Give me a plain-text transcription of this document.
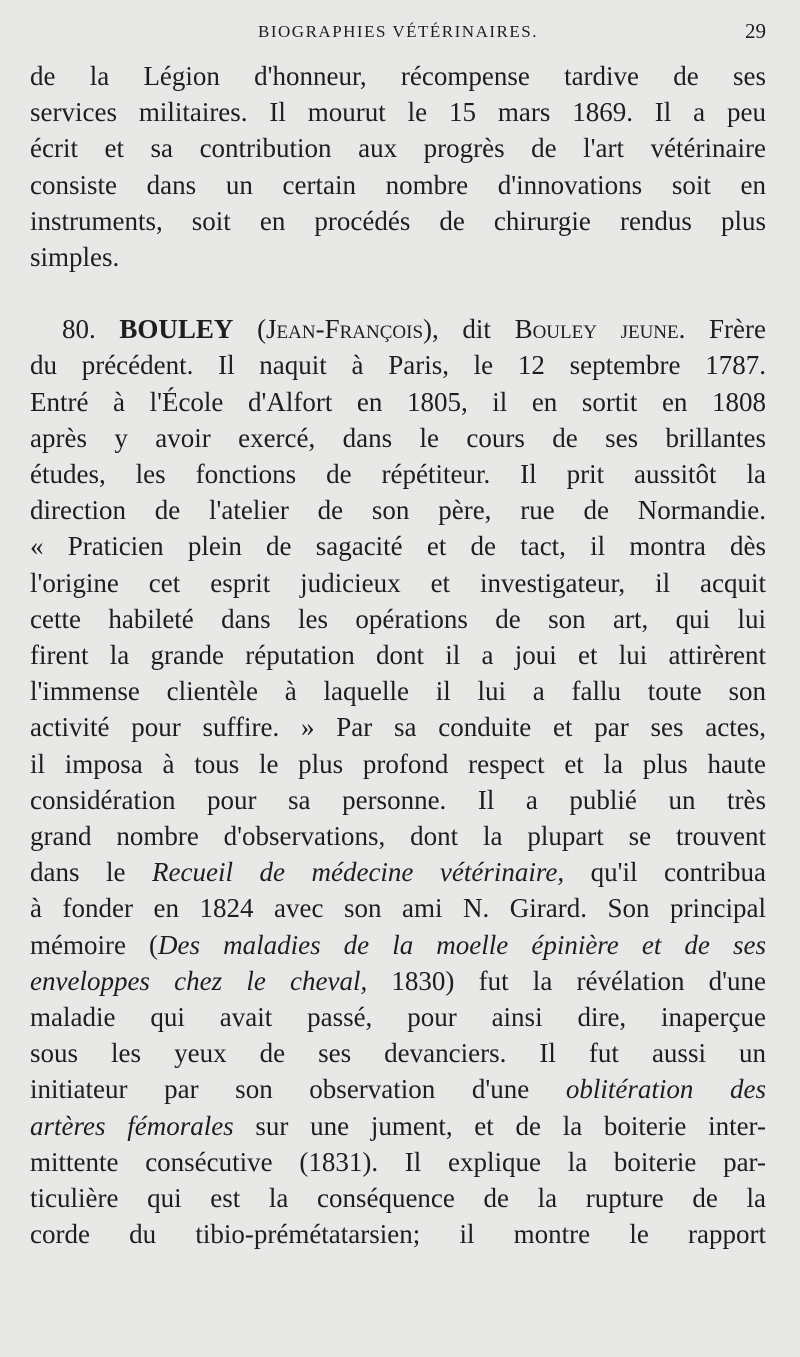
BIOGRAPHIES VÉTÉRINAIRES.	29
de la Légion d'honneur, récompense tardive de ses
services militaires. Il mourut le 15 mars 1869. Il a peu
écrit et sa contribution aux progrès de l'art vétérinaire
consiste dans un certain nombre d'innovations soit en
instruments, soit en procédés de chirurgie rendus plus
simples.
80. BOULEY (Jean-François), dit Bouley jeune. Frère
du précédent. Il naquit à Paris, le 12 septembre 1787.
Entré à l'École d'Alfort en 1805, il en sortit en 1808
après y avoir exercé, dans le cours de ses brillantes
études, les fonctions de répétiteur. Il prit aussitôt la
direction de l'atelier de son père, rue de Normandie.
« Praticien plein de sagacité et de tact, il montra dès
l'origine cet esprit judicieux et investigateur, il acquit
cette habileté dans les opérations de son art, qui lui
firent la grande réputation dont il a joui et lui attirèrent
l'immense clientèle à laquelle il lui a fallu toute son
activité pour suffire. » Par sa conduite et par ses actes,
il imposa à tous le plus profond respect et la plus haute
considération pour sa personne. Il a publié un très
grand nombre d'observations, dont la plupart se trouvent
dans le Recueil de médecine vétérinaire, qu'il contribua
à fonder en 1824 avec son ami N. Girard. Son principal
mémoire (Des maladies de la moelle épinière et de ses
enveloppes chez le cheval, 1830) fut la révélation d'une
maladie qui avait passé, pour ainsi dire, inaperçue
sous les yeux de ses devanciers. Il fut aussi un
initiateur par son observation d'une oblitération des
artères fémorales sur une jument, et de la boiterie inter-
mittente consécutive (1831). Il explique la boiterie par-
ticulière qui est la conséquence de la rupture de la
corde du tibio-prémétatarsien; il montre le rapport
